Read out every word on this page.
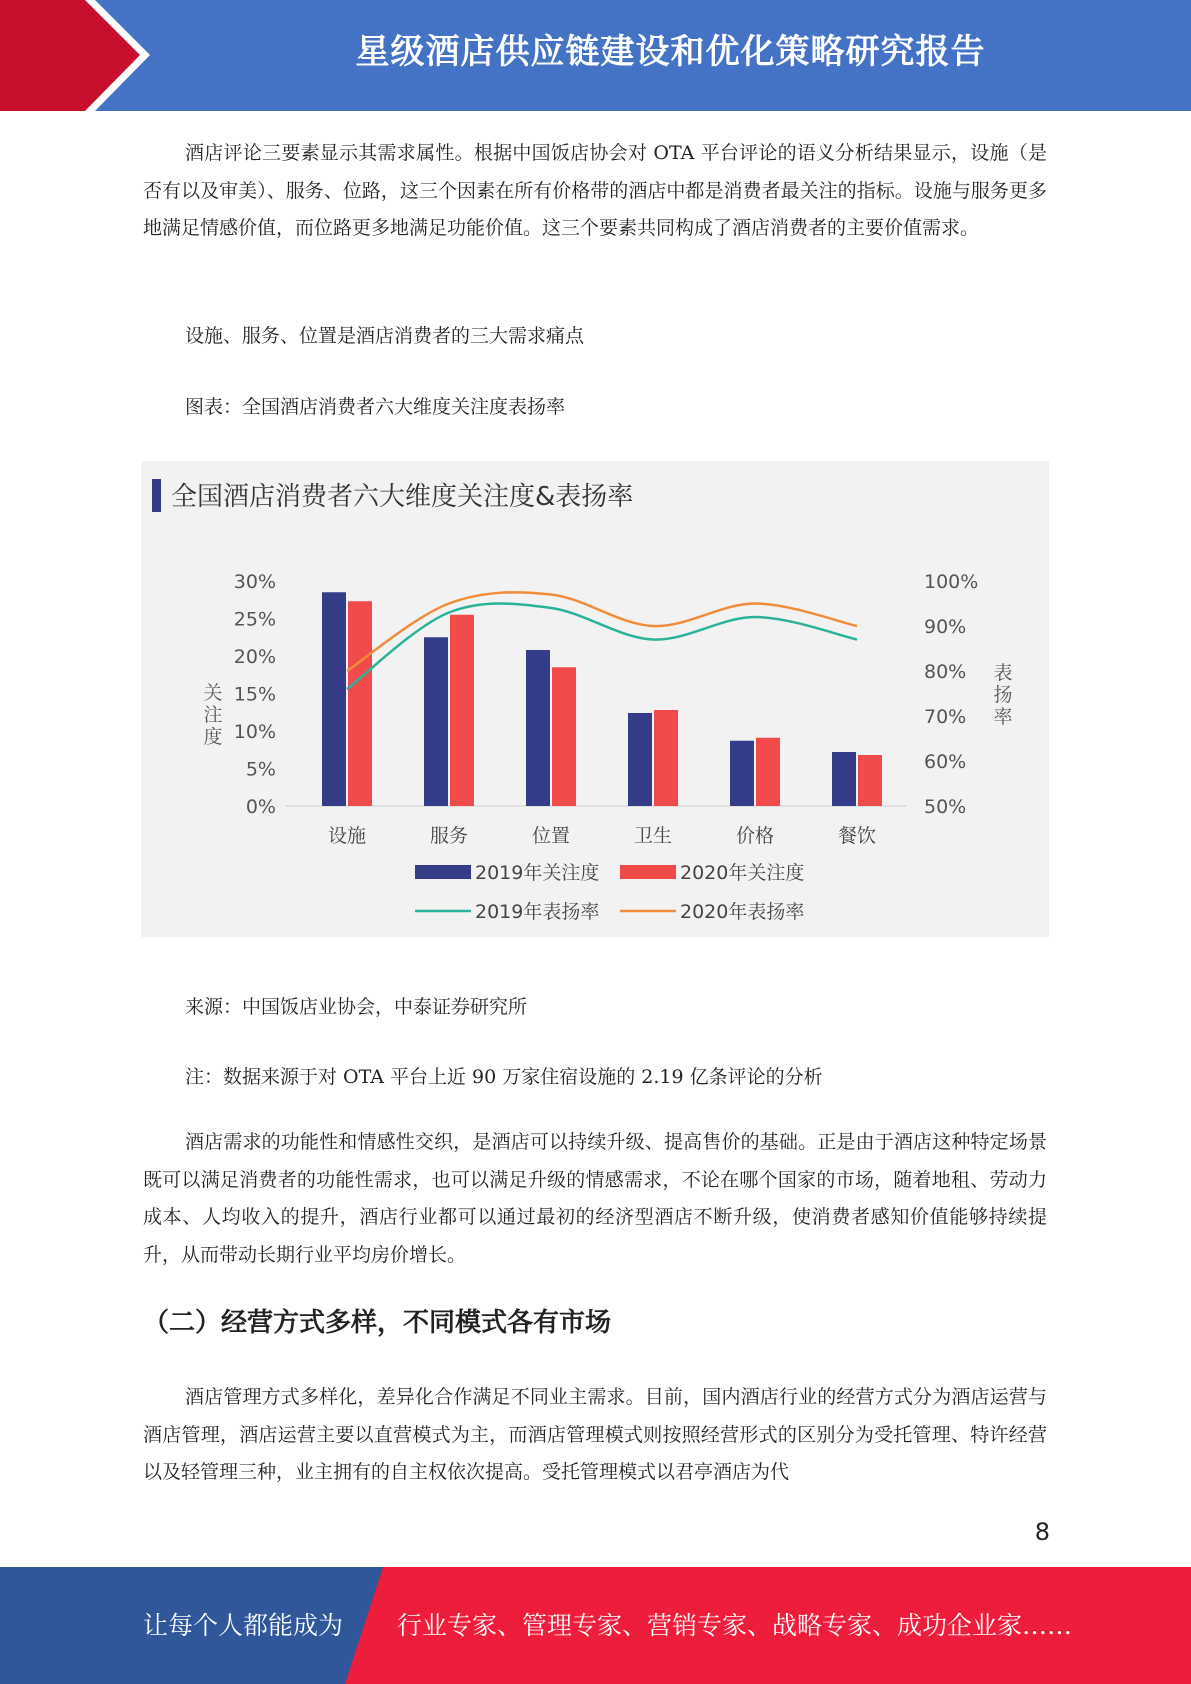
星级酒店供应链建设和优化策略研究报告

酒店评论三要素显示其需求属性。根据中国饭店协会对 OTA 平台评论的语义分析结果显示，设施（是否有以及审美）、服务、位路，这三个因素在所有价格带的酒店中都是消费者最关注的指标。设施与服务更多地满足情感价值，而位路更多地满足功能价值。这三个要素共同构成了酒店消费者的主要价值需求。

设施、服务、位置是酒店消费者的三大需求痛点

图表：全国酒店消费者六大维度关注度表扬率

全国酒店消费者六大维度关注度&表扬率
0%
5%
10%
15%
20%
25%
30%
50%
60%
70%
80%
90%
100%
关
注
度
表
扬
率
设施	服务	位置	卫生	价格	餐饮
2019年关注度	2020年关注度
2019年表扬率	2020年表扬率

来源：中国饭店业协会，中泰证券研究所

注：数据来源于对 OTA 平台上近 90 万家住宿设施的 2.19 亿条评论的分析

酒店需求的功能性和情感性交织，是酒店可以持续升级、提高售价的基础。正是由于酒店这种特定场景既可以满足消费者的功能性需求，也可以满足升级的情感需求，不论在哪个国家的市场，随着地租、劳动力成本、人均收入的提升，酒店行业都可以通过最初的经济型酒店不断升级，使消费者感知价值能够持续提升，从而带动长期行业平均房价增长。

（二）经营方式多样，不同模式各有市场

酒店管理方式多样化，差异化合作满足不同业主需求。目前，国内酒店行业的经营方式分为酒店运营与酒店管理，酒店运营主要以直营模式为主，而酒店管理模式则按照经营形式的区别分为受托管理、特许经营以及轻管理三种，业主拥有的自主权依次提高。受托管理模式以君亭酒店为代

8
让每个人都能成为 行业专家、管理专家、营销专家、战略专家、成功企业家……
